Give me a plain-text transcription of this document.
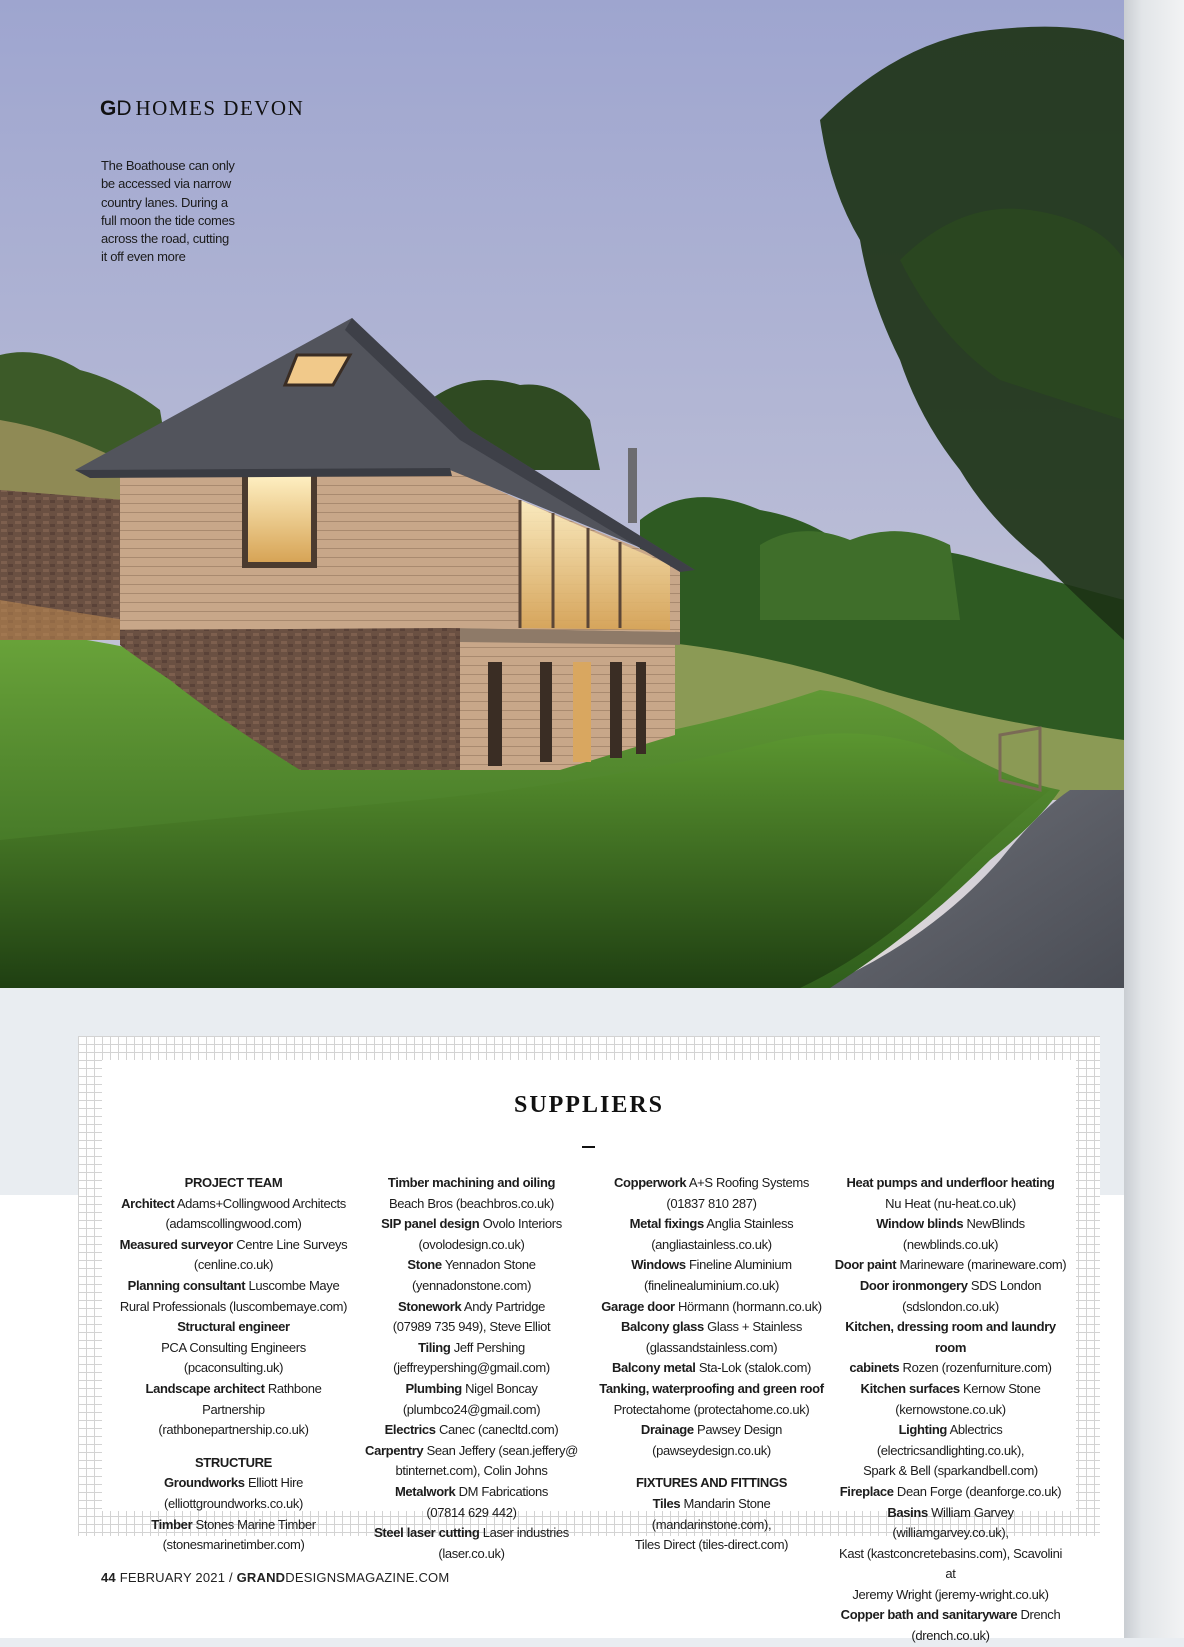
GD HOMES DEVON
The Boathouse can only be accessed via narrow country lanes. During a full moon the tide comes across the road, cutting it off even more
SUPPLIERS

PROJECT TEAM

Architect Adams+Collingwood Architects

(adamscollingwood.com)

Measured surveyor Centre Line Surveys

(cenline.co.uk)

Planning consultant Luscombe Maye

Rural Professionals (luscombemaye.com)

Structural engineer

PCA Consulting Engineers

(pcaconsulting.uk)

Landscape architect Rathbone Partnership

(rathbonepartnership.co.uk)

STRUCTURE

Groundworks Elliott Hire

(elliottgroundworks.co.uk)

Timber Stones Marine Timber

(stonesmarinetimber.com)

Timber machining and oiling

Beach Bros (beachbros.co.uk)

SIP panel design Ovolo Interiors

(ovolodesign.co.uk)

Stone Yennadon Stone (yennadonstone.com)

Stonework Andy Partridge

(07989 735 949), Steve Elliot

Tiling Jeff Pershing

(jeffreypershing@gmail.com)

Plumbing Nigel Boncay

(plumbco24@gmail.com)

Electrics Canec (canecltd.com)

Carpentry Sean Jeffery (sean.jeffery@

btinternet.com), Colin Johns

Metalwork DM Fabrications

(07814 629 442)

Steel laser cutting Laser industries

(laser.co.uk)

Copperwork A+S Roofing Systems

(01837 810 287)

Metal fixings Anglia Stainless

(angliastainless.co.uk)

Windows Fineline Aluminium

(finelinealuminium.co.uk)

Garage door Hörmann (hormann.co.uk)

Balcony glass Glass + Stainless

(glassandstainless.com)

Balcony metal Sta-Lok (stalok.com)

Tanking, waterproofing and green roof

Protectahome (protectahome.co.uk)

Drainage Pawsey Design

(pawseydesign.co.uk)

FIXTURES AND FITTINGS

Tiles Mandarin Stone (mandarinstone.com),

Tiles Direct (tiles-direct.com)

Heat pumps and underfloor heating

Nu Heat (nu-heat.co.uk)

Window blinds NewBlinds (newblinds.co.uk)

Door paint Marineware (marineware.com)

Door ironmongery SDS London (sdslondon.co.uk)

Kitchen, dressing room and laundry room

cabinets Rozen (rozenfurniture.com)

Kitchen surfaces Kernow Stone

(kernowstone.co.uk)

Lighting Ablectrics

(electricsandlighting.co.uk),

Spark & Bell (sparkandbell.com)

Fireplace Dean Forge (deanforge.co.uk)

Basins William Garvey (williamgarvey.co.uk),

Kast (kastconcretebasins.com), Scavolini at

Jeremy Wright (jeremy-wright.co.uk)

Copper bath and sanitaryware Drench

(drench.co.uk)

44 FEBRUARY 2021 / GRANDDESIGNSMAGAZINE.COM
